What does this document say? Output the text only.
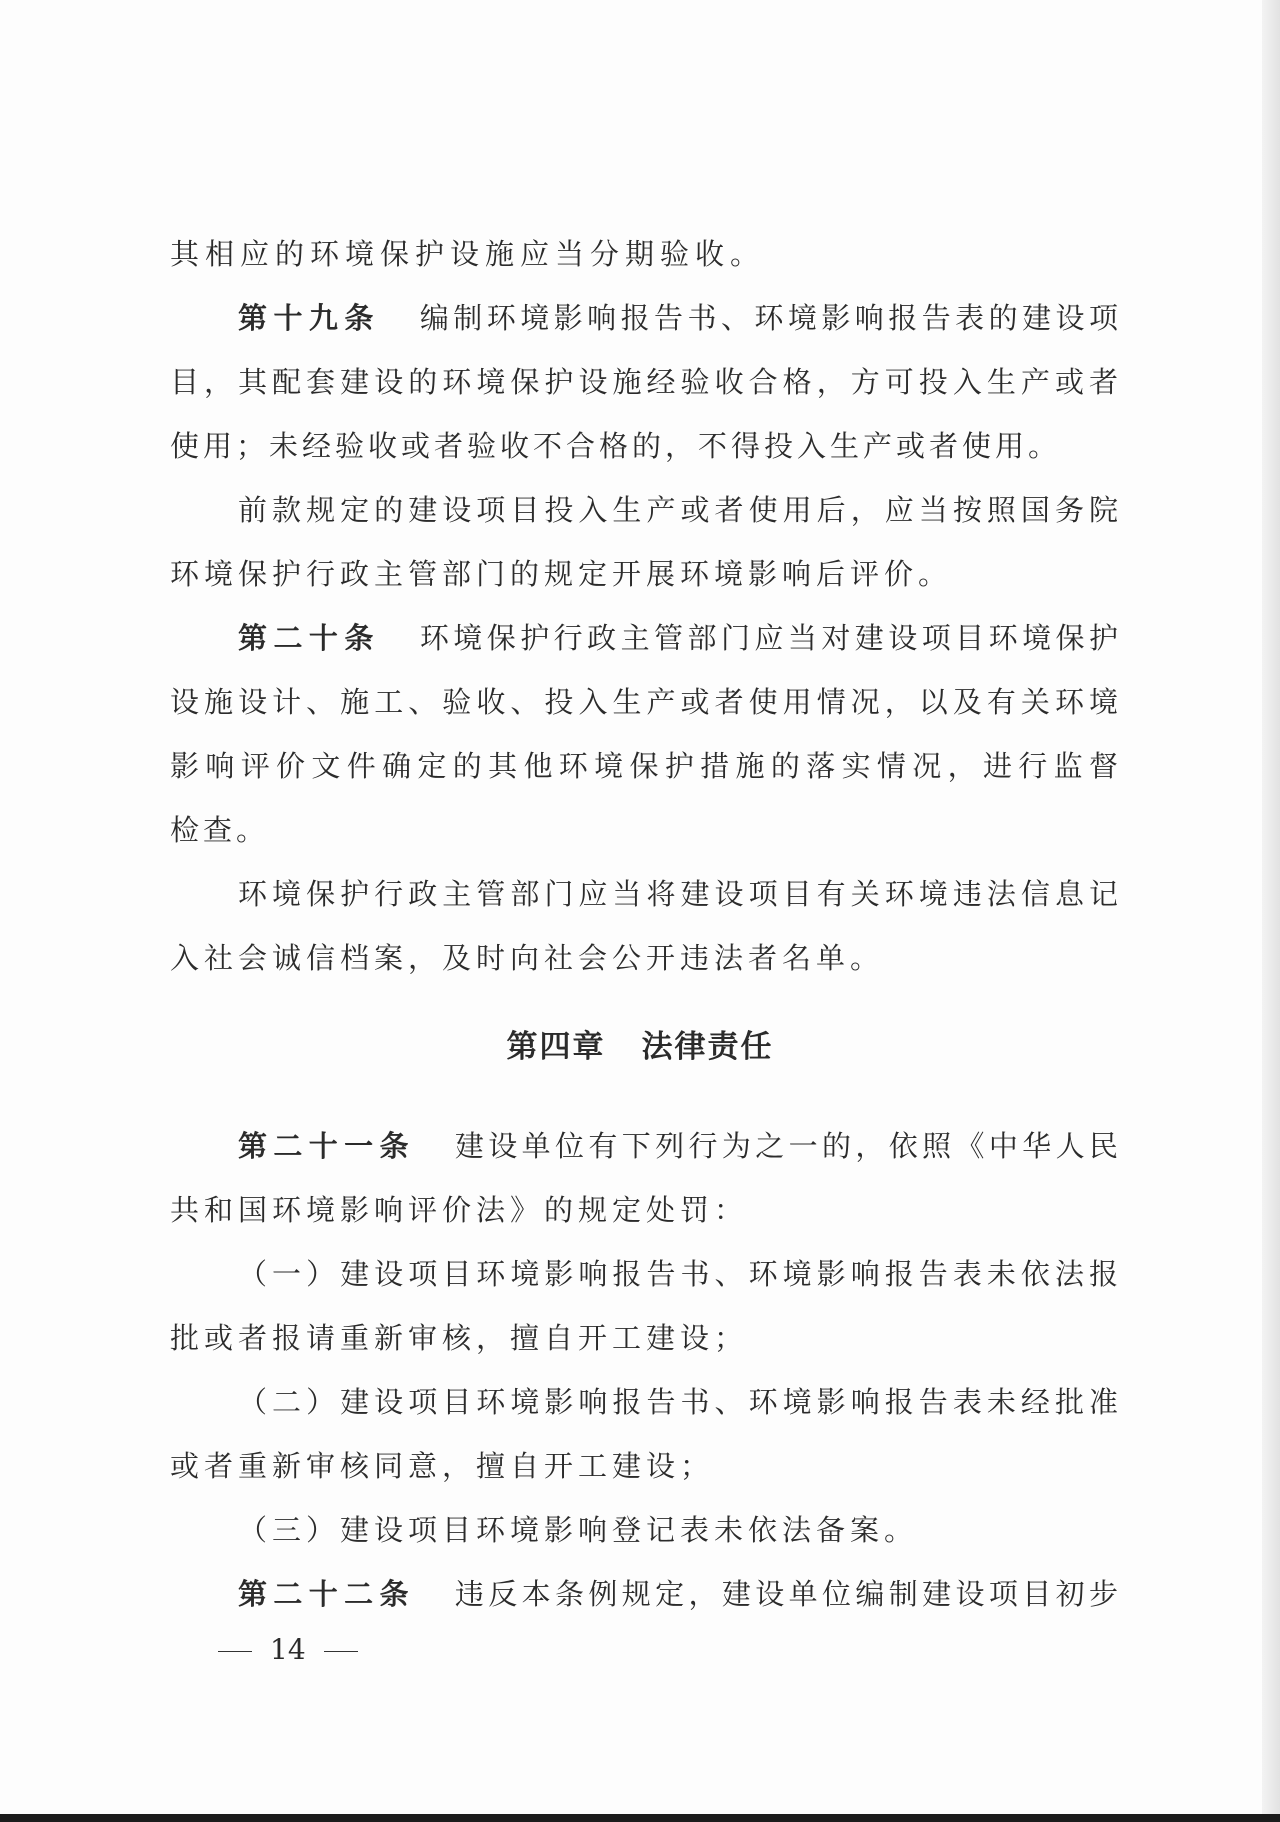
其相应的环境保护设施应当分期验收。
第十九条 编制环境影响报告书、环境影响报告表的建设项
目，其配套建设的环境保护设施经验收合格，方可投入生产或者
使用；未经验收或者验收不合格的，不得投入生产或者使用。
前款规定的建设项目投入生产或者使用后，应当按照国务院
环境保护行政主管部门的规定开展环境影响后评价。
第二十条 环境保护行政主管部门应当对建设项目环境保护
设施设计、施工、验收、投入生产或者使用情况，以及有关环境
影响评价文件确定的其他环境保护措施的落实情况，进行监督
检查。
环境保护行政主管部门应当将建设项目有关环境违法信息记
入社会诚信档案，及时向社会公开违法者名单。
第四章 法律责任
第二十一条 建设单位有下列行为之一的，依照《中华人民
共和国环境影响评价法》的规定处罚：
（一）建设项目环境影响报告书、环境影响报告表未依法报
批或者报请重新审核，擅自开工建设；
（二）建设项目环境影响报告书、环境影响报告表未经批准
或者重新审核同意，擅自开工建设；
（三）建设项目环境影响登记表未依法备案。
第二十二条 违反本条例规定，建设单位编制建设项目初步
14
